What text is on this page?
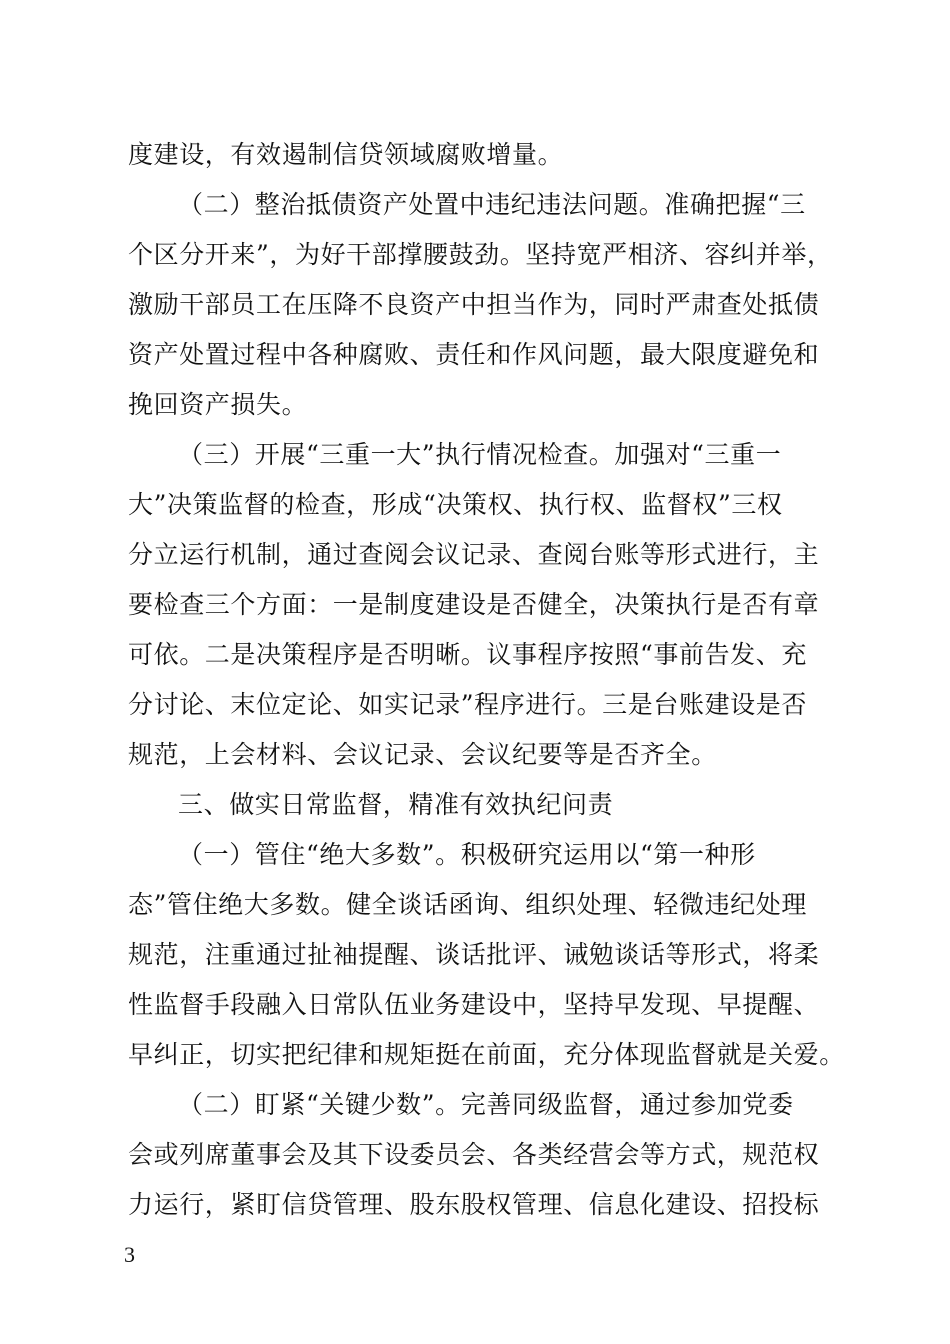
度建设，有效遏制信贷领域腐败增量。

（二）整治抵债资产处置中违纪违法问题。准确把握“三

个区分开来”，为好干部撑腰鼓劲。坚持宽严相济、容纠并举，

激励干部员工在压降不良资产中担当作为，同时严肃查处抵债

资产处置过程中各种腐败、责任和作风问题，最大限度避免和

挽回资产损失。

（三）开展“三重一大”执行情况检查。加强对“三重一

大”决策监督的检查，形成“决策权、执行权、监督权”三权

分立运行机制，通过查阅会议记录、查阅台账等形式进行，主

要检查三个方面：一是制度建设是否健全，决策执行是否有章

可依。二是决策程序是否明晰。议事程序按照“事前告发、充

分讨论、末位定论、如实记录”程序进行。三是台账建设是否

规范，上会材料、会议记录、会议纪要等是否齐全。

三、做实日常监督，精准有效执纪问责

（一）管住“绝大多数”。积极研究运用以“第一种形

态”管住绝大多数。健全谈话函询、组织处理、轻微违纪处理

规范，注重通过扯袖提醒、谈话批评、诫勉谈话等形式，将柔

性监督手段融入日常队伍业务建设中，坚持早发现、早提醒、

早纠正，切实把纪律和规矩挺在前面，充分体现监督就是关爱。

（二）盯紧“关键少数”。完善同级监督，通过参加党委

会或列席董事会及其下设委员会、各类经营会等方式，规范权

力运行，紧盯信贷管理、股东股权管理、信息化建设、招投标

3
